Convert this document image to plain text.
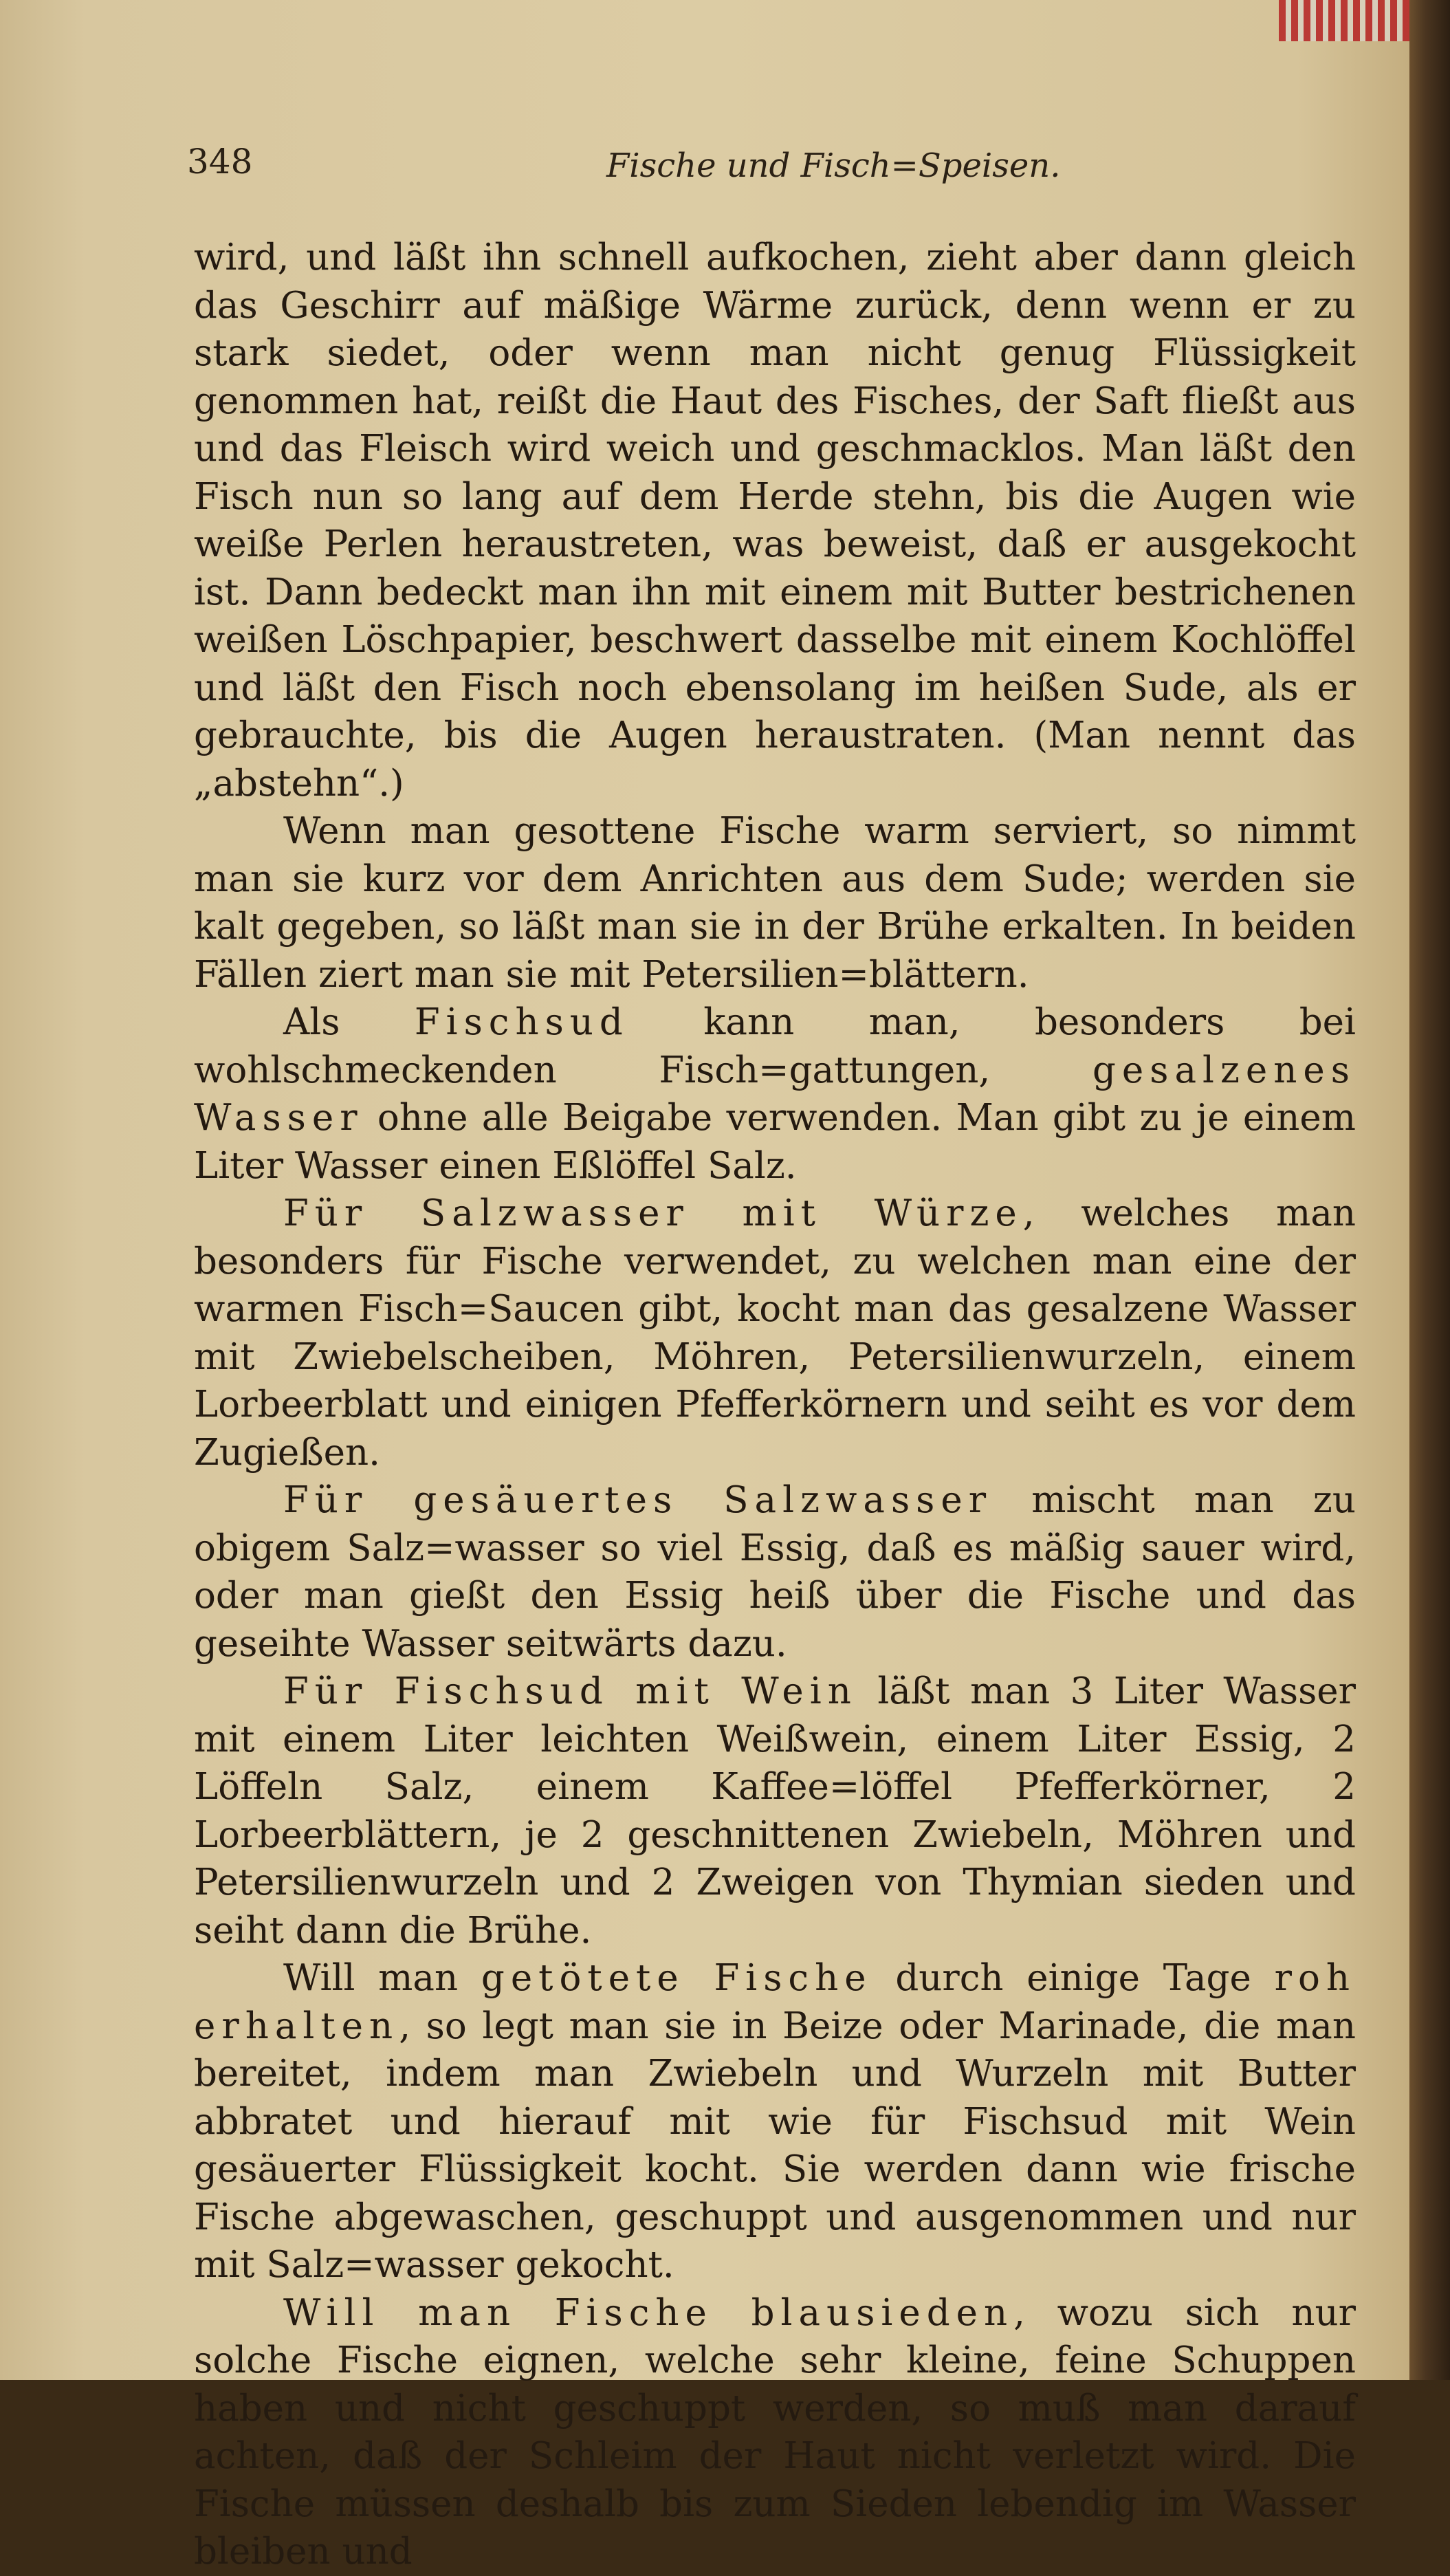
348	Fische und Fisch=Speisen.

wird, und läßt ihn schnell aufkochen, zieht aber dann gleich das Geschirr auf mäßige Wärme zurück, denn wenn er zu stark siedet, oder wenn man nicht genug Flüssigkeit genommen hat, reißt die Haut des Fisches, der Saft fließt aus und das Fleisch wird weich und geschmacklos. Man läßt den Fisch nun so lang auf dem Herde stehn, bis die Augen wie weiße Perlen heraustreten, was beweist, daß er ausgekocht ist. Dann bedeckt man ihn mit einem mit Butter bestrichenen weißen Löschpapier, beschwert dasselbe mit einem Kochlöffel und läßt den Fisch noch ebensolang im heißen Sude, als er gebrauchte, bis die Augen heraustraten. (Man nennt das „abstehn“.)

Wenn man gesottene Fische warm serviert, so nimmt man sie kurz vor dem Anrichten aus dem Sude; werden sie kalt gegeben, so läßt man sie in der Brühe erkalten. In beiden Fällen ziert man sie mit Petersilien=blättern.

Als Fischsud kann man, besonders bei wohlschmeckenden Fisch=gattungen, gesalzenes Wasser ohne alle Beigabe verwenden. Man gibt zu je einem Liter Wasser einen Eßlöffel Salz.

Für Salzwasser mit Würze, welches man besonders für Fische verwendet, zu welchen man eine der warmen Fisch=Saucen gibt, kocht man das gesalzene Wasser mit Zwiebelscheiben, Möhren, Petersilienwurzeln, einem Lorbeerblatt und einigen Pfefferkörnern und seiht es vor dem Zugießen.

Für gesäuertes Salzwasser mischt man zu obigem Salz=wasser so viel Essig, daß es mäßig sauer wird, oder man gießt den Essig heiß über die Fische und das geseihte Wasser seitwärts dazu.

Für Fischsud mit Wein läßt man 3 Liter Wasser mit einem Liter leichten Weißwein, einem Liter Essig, 2 Löffeln Salz, einem Kaffee=löffel Pfefferkörner, 2 Lorbeerblättern, je 2 geschnittenen Zwiebeln, Möhren und Petersilienwurzeln und 2 Zweigen von Thymian sieden und seiht dann die Brühe.

Will man getötete Fische durch einige Tage roh erhalten, so legt man sie in Beize oder Marinade, die man bereitet, indem man Zwiebeln und Wurzeln mit Butter abbratet und hierauf mit wie für Fischsud mit Wein gesäuerter Flüssigkeit kocht. Sie werden dann wie frische Fische abgewaschen, geschuppt und ausgenommen und nur mit Salz=wasser gekocht.

Will man Fische blausieden, wozu sich nur solche Fische eignen, welche sehr kleine, feine Schuppen haben und nicht geschuppt werden, so muß man darauf achten, daß der Schleim der Haut nicht verletzt wird. Die Fische müssen deshalb bis zum Sieden lebendig im Wasser bleiben und
